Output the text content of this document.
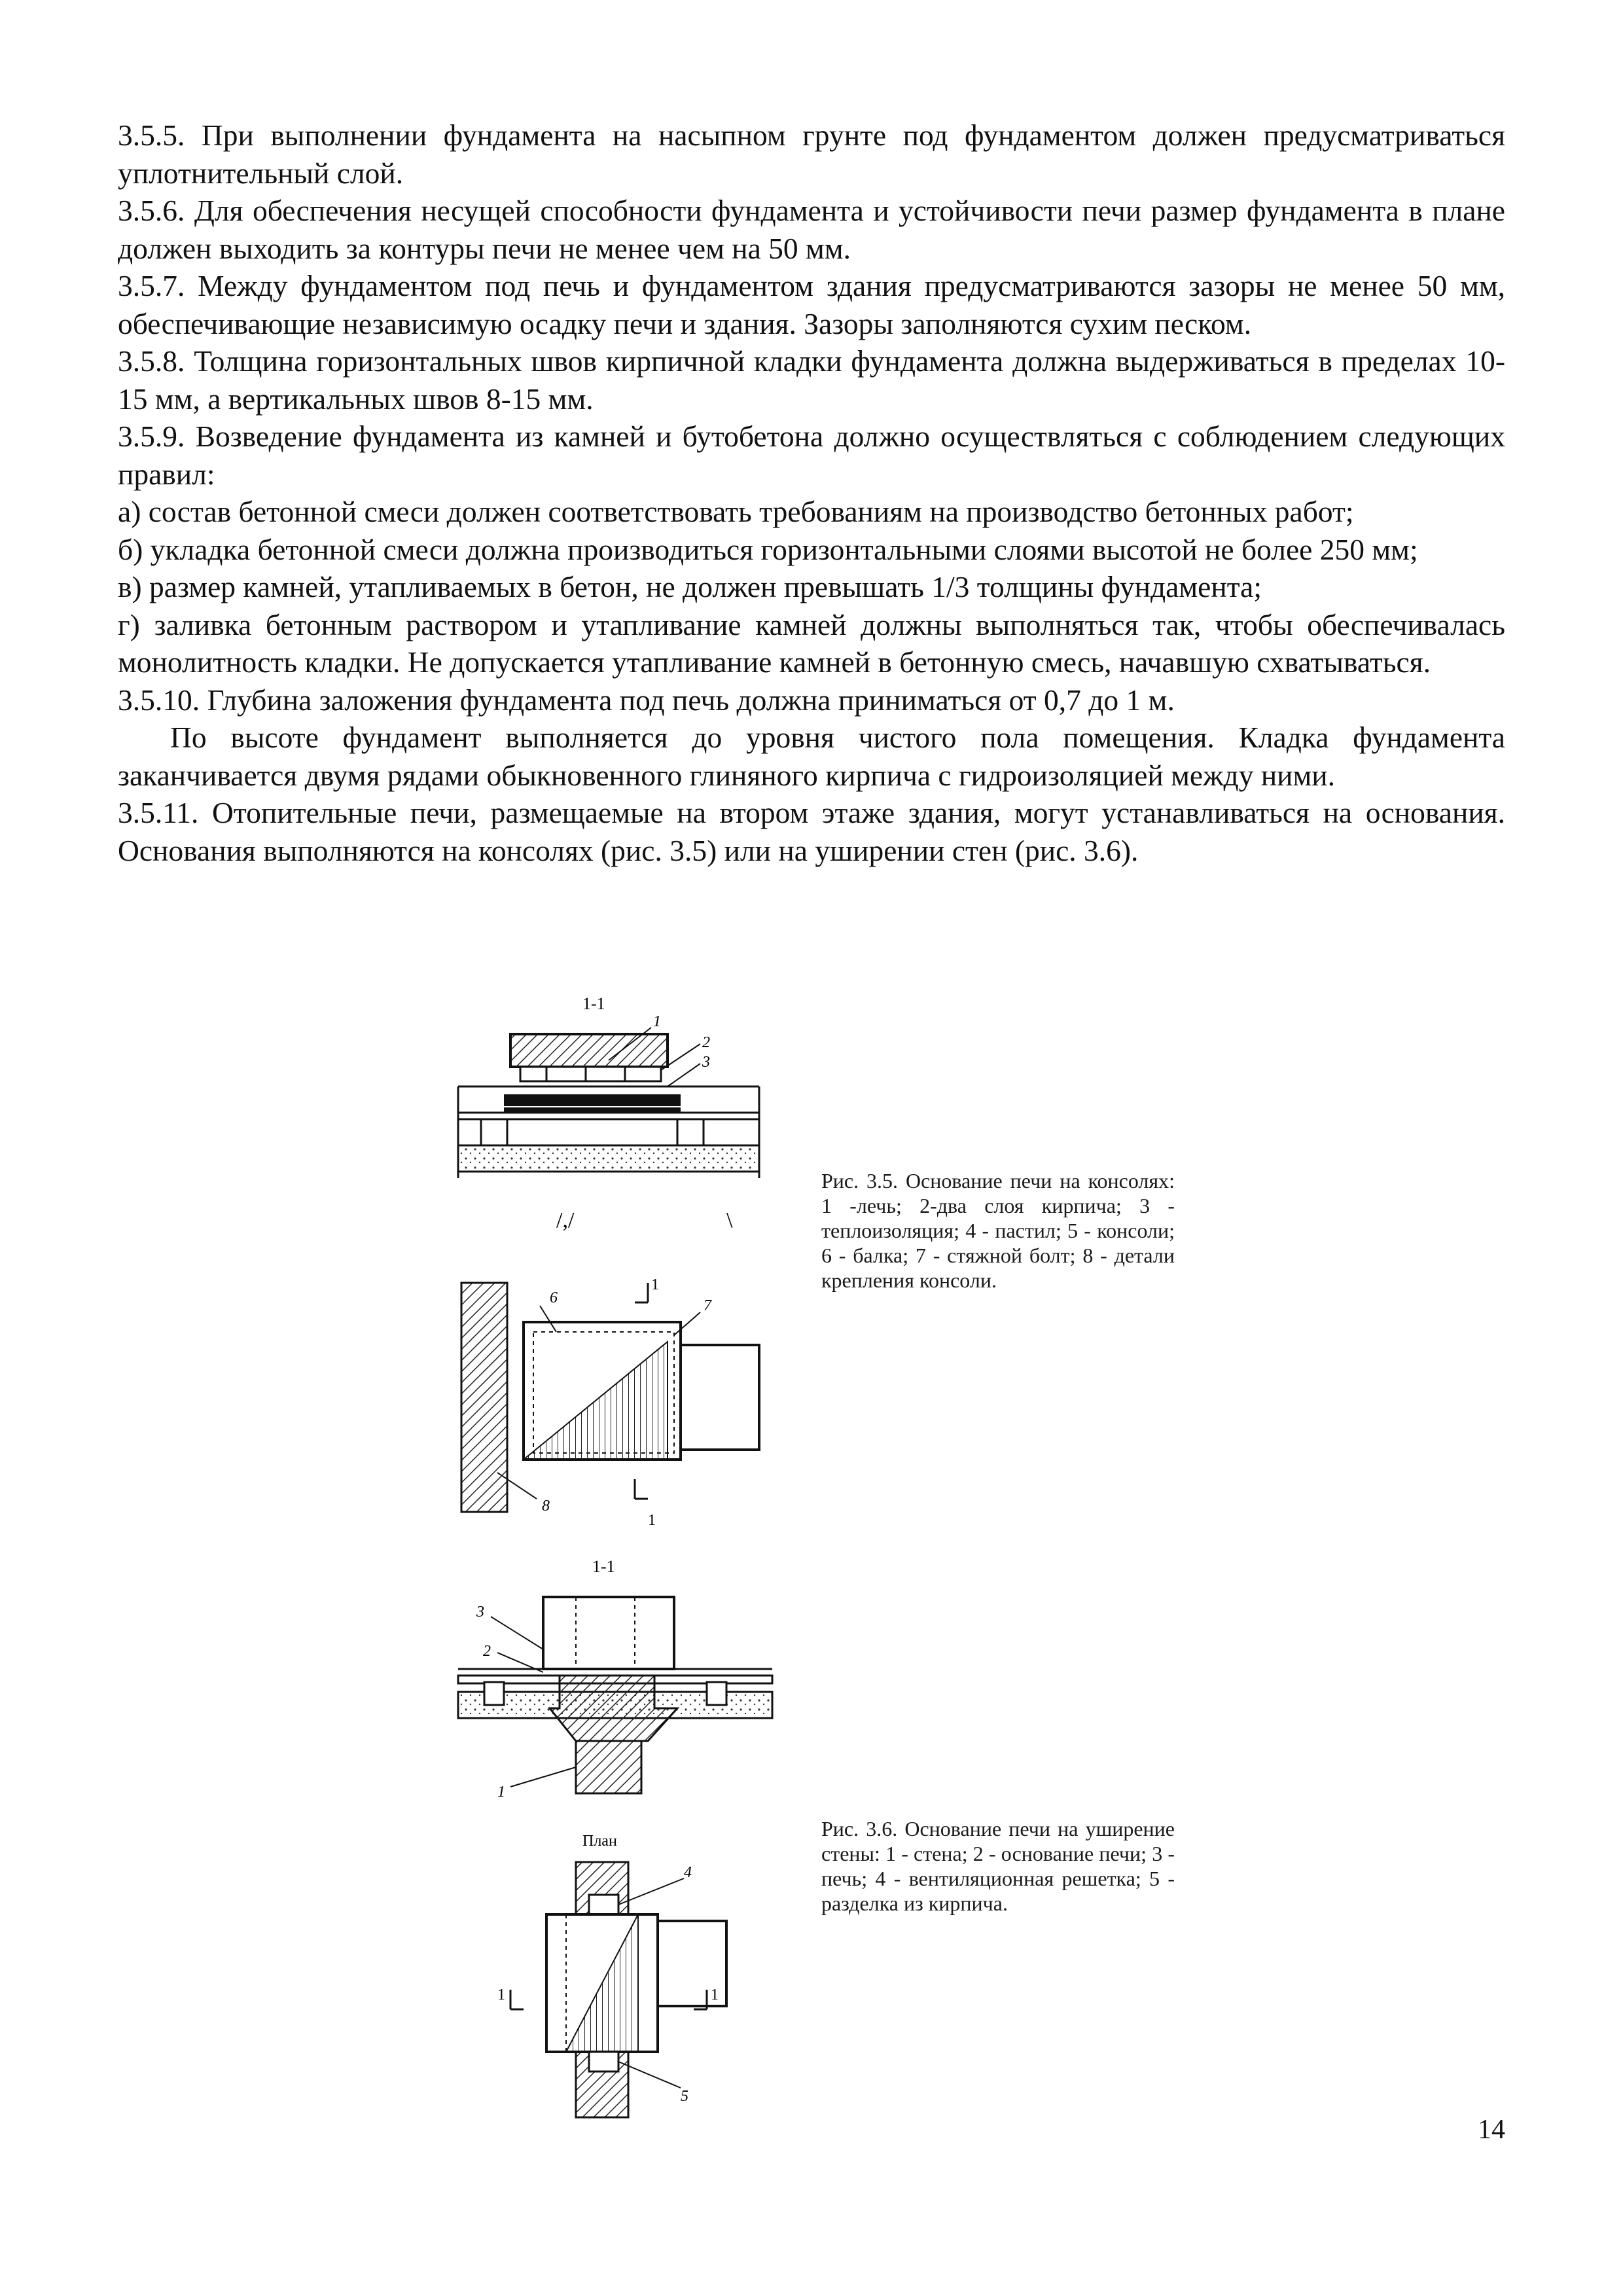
3.5.5. При выполнении фундамента на насыпном грунте под фундаментом должен предусматриваться уплотнительный слой.

3.5.6. Для обеспечения несущей способности фундамента и устойчивости печи размер фундамента в плане должен выходить за контуры печи не менее чем на 50 мм.

3.5.7. Между фундаментом под печь и фундаментом здания предусматриваются зазоры не менее 50 мм, обеспечивающие независимую осадку печи и здания. Зазоры заполняются сухим песком.

3.5.8. Толщина горизонтальных швов кирпичной кладки фундамента должна выдерживаться в пределах 10-15 мм, а вертикальных швов 8-15 мм.

3.5.9. Возведение фундамента из камней и бутобетона должно осуществляться с соблюдением следующих правил:

а) состав бетонной смеси должен соответствовать требованиям на производство бетонных работ;

б) укладка бетонной смеси должна производиться горизонтальными слоями высотой не более 250 мм;

в) размер камней, утапливаемых в бетон, не должен превышать 1/3 толщины фундамента;

г) заливка бетонным раствором и утапливание камней должны выполняться так, чтобы обеспечивалась монолитность кладки. Не допускается утапливание камней в бетонную смесь, начавшую схватываться.

3.5.10. Глубина заложения фундамента под печь должна приниматься от 0,7 до 1 м.

По высоте фундамент выполняется до уровня чистого пола помещения. Кладка фундамента заканчивается двумя рядами обыкновенного глиняного кирпича с гидроизоляцией между ними.

3.5.11. Отопительные печи, размещаемые на втором этаже здания, могут устанавливаться на основания. Основания выполняются на консолях (рис. 3.5) или на уширении стен (рис. 3.6).

1-1
1
2
3
/,/	\
1
1
6	7
8
Рис. 3.5. Основание печи на консолях: 1 -лечь; 2-два слоя кирпича; 3 - теплоизоляция; 4 - пастил; 5 - консоли; 6 - балка; 7 - стяжной болт; 8 - детали крепления консоли.
1-1
3
2
1
План
1	1
4
5
Рис. 3.6. Основание печи на уширение стены: 1 - стена; 2 - основание печи; 3 - печь; 4 - вентиляционная решетка; 5 - разделка из кирпича.
14
